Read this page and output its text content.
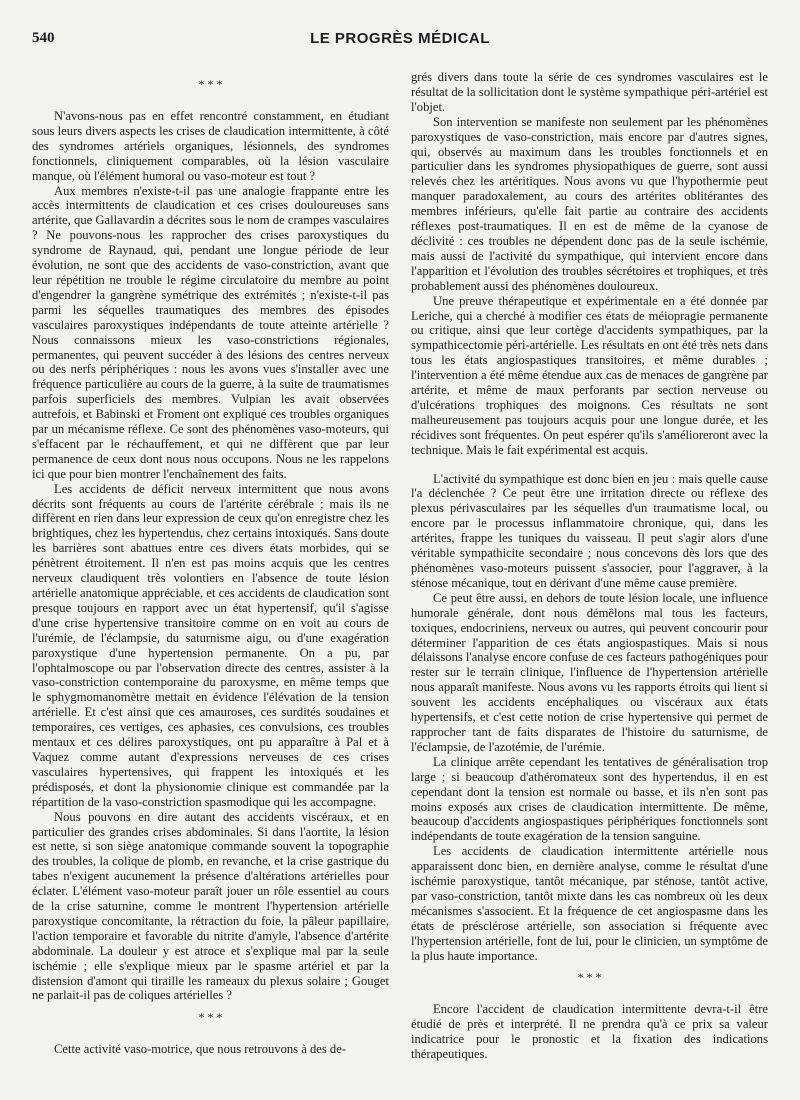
540	LE PROGRÈS MÉDICAL
* * *

N'avons-nous pas en effet rencontré constamment, en étudiant sous leurs divers aspects les crises de claudication intermittente, à côté des syndromes artériels organiques, lésionnels, des syndromes fonctionnels, cliniquement comparables, où la lésion vasculaire manque, où l'élément humoral ou vaso-moteur est tout ?

Aux membres n'existe-t-il pas une analogie frappante entre les accès intermittents de claudication et ces crises douloureuses sans artérite, que Gallavardin a décrites sous le nom de crampes vasculaires ? Ne pouvons-nous les rapprocher des crises paroxystiques du syndrome de Raynaud, qui, pendant une longue période de leur évolution, ne sont que des accidents de vaso-constriction, avant que leur répétition ne trouble le régime circulatoire du membre au point d'engendrer la gangrène symétrique des extrémités ; n'existe-t-il pas parmi les séquelles traumatiques des membres des épisodes vasculaires paroxystiques indépendants de toute atteinte artérielle ? Nous connaissons mieux les vaso-constrictions régionales, permanentes, qui peuvent succéder à des lésions des centres nerveux ou des nerfs périphériques : nous les avons vues s'installer avec une fréquence particulière au cours de la guerre, à la suite de traumatismes parfois superficiels des membres. Vulpian les avait observées autrefois, et Babinski et Froment ont expliqué ces troubles organiques par un mécanisme réflexe. Ce sont des phénomènes vaso-moteurs, qui s'effacent par le réchauffement, et qui ne diffèrent que par leur permanence de ceux dont nous nous occupons. Nous ne les rappelons ici que pour bien montrer l'enchaînement des faits.

Les accidents de déficit nerveux intermittent que nous avons décrits sont fréquents au cours de l'artérite cérébrale ; mais ils ne diffèrent en rien dans leur expression de ceux qu'on enregistre chez les brightiques, chez les hypertendus, chez certains intoxiqués. Sans doute les barrières sont abattues entre ces divers états morbides, qui se pénètrent étroitement. Il n'en est pas moins acquis que les centres nerveux claudiquent très volontiers en l'absence de toute lésion artérielle anatomique appréciable, et ces accidents de claudication sont presque toujours en rapport avec un état hypertensif, qu'il s'agisse d'une crise hypertensive transitoire comme on en voit au cours de l'urémie, de l'éclampsie, du saturnisme aigu, ou d'une exagération paroxystique d'une hypertension permanente. On a pu, par l'ophtalmoscope ou par l'observation directe des centres, assister à la vaso-constriction contemporaine du paroxysme, en même temps que le sphygmomanomètre mettait en évidence l'élévation de la tension artérielle. Et c'est ainsi que ces amauroses, ces surdités soudaines et temporaires, ces vertiges, ces aphasies, ces convulsions, ces troubles mentaux et ces délires paroxystiques, ont pu apparaître à Pal et à Vaquez comme autant d'expressions nerveuses de ces crises vasculaires hypertensives, qui frappent les intoxiqués et les prédisposés, et dont la physionomie clinique est commandée par la répartition de la vaso-constriction spasmodique qui les accompagne.

Nous pouvons en dire autant des accidents viscéraux, et en particulier des grandes crises abdominales. Si dans l'aortite, la lésion est nette, si son siège anatomique commande souvent la topographie des troubles, la colique de plomb, en revanche, et la crise gastrique du tabes n'exigent aucunement la présence d'altérations artérielles pour éclater. L'élément vaso-moteur paraît jouer un rôle essentiel au cours de la crise saturnine, comme le montrent l'hypertension artérielle paroxystique concomitante, la rétraction du foie, la pâleur papillaire, l'action temporaire et favorable du nitrite d'amyle, l'absence d'artérite abdominale. La douleur y est atroce et s'explique mal par la seule ischémie ; elle s'explique mieux par le spasme artériel et par la distension d'amont qui tiraille les rameaux du plexus solaire ; Gouget ne parlait-il pas de coliques artérielles ?

* * *

Cette activité vaso-motrice, que nous retrouvons à des de-

grés divers dans toute la série de ces syndromes vasculaires est le résultat de la sollicitation dont le système sympathique péri-artériel est l'objet.

Son intervention se manifeste non seulement par les phénomènes paroxystiques de vaso-constriction, mais encore par d'autres signes, qui, observés au maximum dans les troubles fonctionnels et en particulier dans les syndromes physiopathiques de guerre, sont aussi relevés chez les artéritiques. Nous avons vu que l'hypothermie peut manquer paradoxalement, au cours des artérites oblitérantes des membres inférieurs, qu'elle fait partie au contraire des accidents réflexes post-traumatiques. Il en est de même de la cyanose de déclivité : ces troubles ne dépendent donc pas de la seule ischémie, mais aussi de l'activité du sympathique, qui intervient encore dans l'apparition et l'évolution des troubles sécrétoires et trophiques, et très probablement aussi des phénomènes douloureux.

Une preuve thérapeutique et expérimentale en a été donnée par Leriche, qui a cherché à modifier ces états de méiopragie permanente ou critique, ainsi que leur cortège d'accidents sympathiques, par la sympathicectomie péri-artérielle. Les résultats en ont été très nets dans tous les états angiospastiques transitoires, et même durables ; l'intervention a été même étendue aux cas de menaces de gangrène par artérite, et même de maux perforants par section nerveuse ou d'ulcérations trophiques des moignons. Ces résultats ne sont malheureusement pas toujours acquis pour une longue durée, et les récidives sont fréquentes. On peut espérer qu'ils s'amélioreront avec la technique. Mais le fait expérimental est acquis.

L'activité du sympathique est donc bien en jeu : mais quelle cause l'a déclenchée ? Ce peut être une irritation directe ou réflexe des plexus périvasculaires par les séquelles d'un traumatisme local, ou encore par le processus inflammatoire chronique, qui, dans les artérites, frappe les tuniques du vaisseau. Il peut s'agir alors d'une véritable sympathicite secondaire ; nous concevons dès lors que des phénomènes vaso-moteurs puissent s'associer, pour l'aggraver, à la sténose mécanique, tout en dérivant d'une même cause première.

Ce peut être aussi, en dehors de toute lésion locale, une influence humorale générale, dont nous démêlons mal tous les facteurs, toxiques, endocriniens, nerveux ou autres, qui peuvent concourir pour déterminer l'apparition de ces états angiospastiques. Mais si nous délaissons l'analyse encore confuse de ces facteurs pathogéniques pour rester sur le terrain clinique, l'influence de l'hypertension artérielle nous apparaît manifeste. Nous avons vu les rapports étroits qui lient si souvent les accidents encéphaliques ou viscéraux aux états hypertensifs, et c'est cette notion de crise hypertensive qui permet de rapprocher tant de faits disparates de l'histoire du saturnisme, de l'éclampsie, de l'azotémie, de l'urémie.

La clinique arrête cependant les tentatives de généralisation trop large ; si beaucoup d'athéromateux sont des hypertendus, il en est cependant dont la tension est normale ou basse, et ils n'en sont pas moins exposés aux crises de claudication intermittente. De même, beaucoup d'accidents angiospastiques périphériques fonctionnels sont indépendants de toute exagération de la tension sanguine.

Les accidents de claudication intermittente artérielle nous apparaissent donc bien, en dernière analyse, comme le résultat d'une ischémie paroxystique, tantôt mécanique, par sténose, tantôt active, par vaso-constriction, tantôt mixte dans les cas nombreux où les deux mécanismes s'associent. Et la fréquence de cet angiospasme dans les états de présclérose artérielle, son association si fréquente avec l'hypertension artérielle, font de lui, pour le clinicien, un symptôme de la plus haute importance.

* * *

Encore l'accident de claudication intermittente devra-t-il être étudié de près et interprété. Il ne prendra qu'à ce prix sa valeur indicatrice pour le pronostic et la fixation des indications thérapeutiques.
